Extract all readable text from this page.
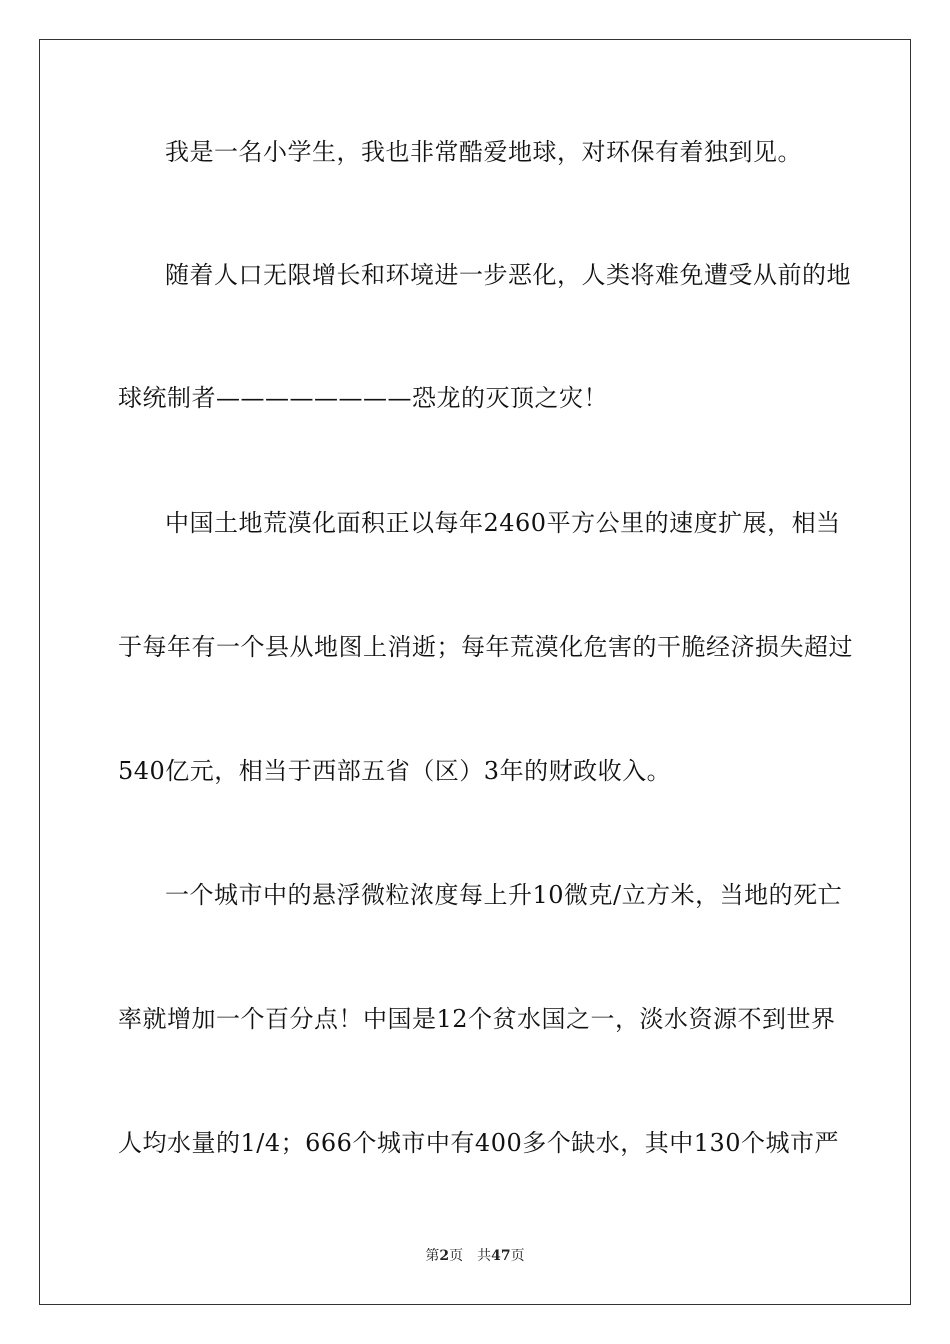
我是一名小学生，我也非常酷爱地球，对环保有着独到见。
随着人口无限增长和环境进一步恶化，人类将难免遭受从前的地
球统制者————————恐龙的灭顶之灾！
中国土地荒漠化面积正以每年2460平方公里的速度扩展，相当
于每年有一个县从地图上消逝；每年荒漠化危害的干脆经济损失超过
540亿元，相当于西部五省（区）3年的财政收入。
一个城市中的悬浮微粒浓度每上升10微克/立方米，当地的死亡
率就增加一个百分点！中国是12个贫水国之一，淡水资源不到世界
人均水量的1/4；666个城市中有400多个缺水，其中130个城市严
第2页 共47页
